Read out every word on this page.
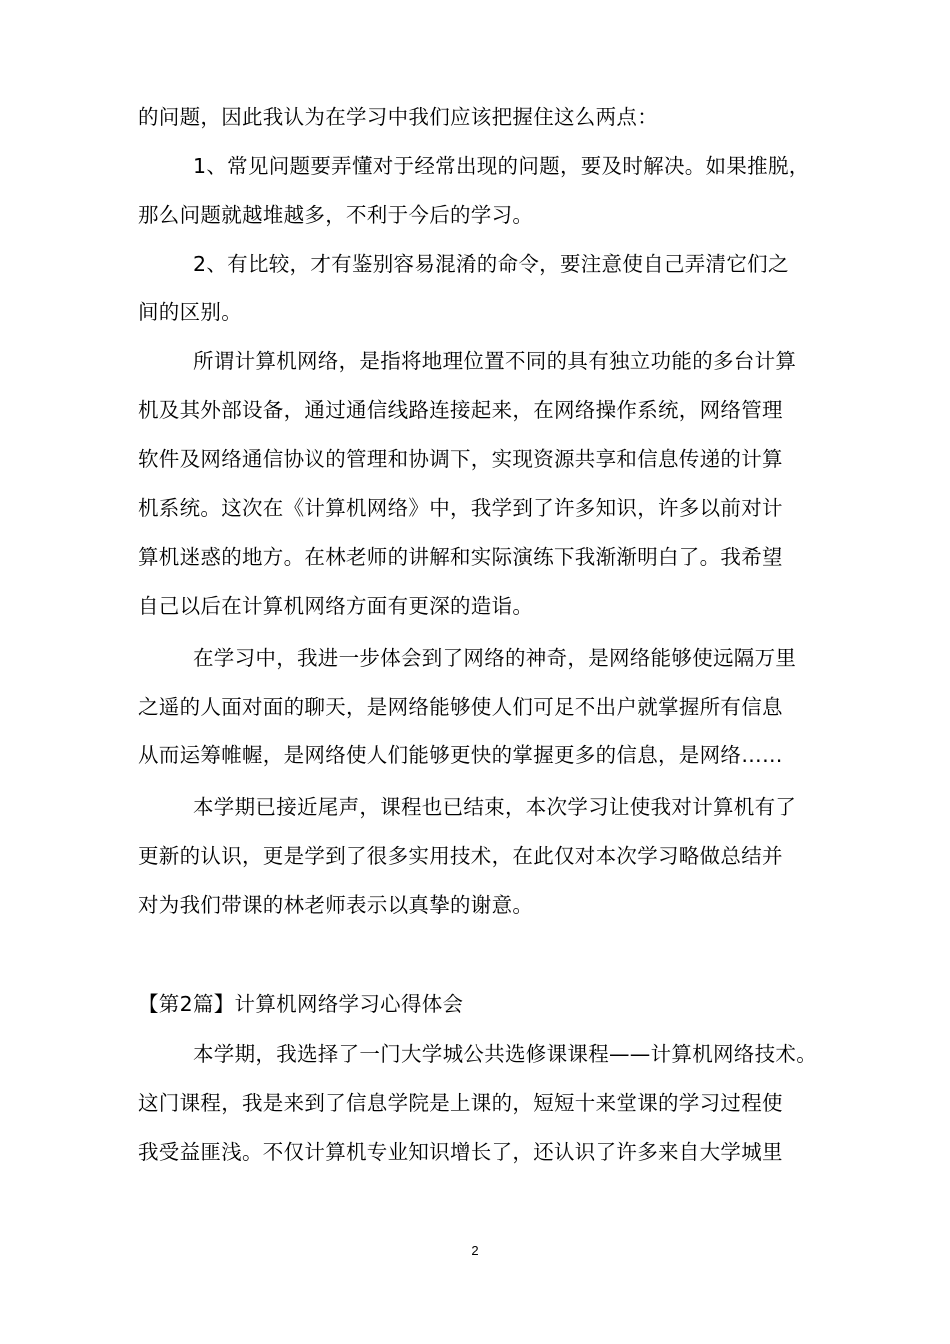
的问题，因此我认为在学习中我们应该把握住这么两点：
1、常见问题要弄懂对于经常出现的问题，要及时解决。如果推脱，
那么问题就越堆越多，不利于今后的学习。
2、有比较，才有鉴别容易混淆的命令，要注意使自己弄清它们之
间的区别。
所谓计算机网络，是指将地理位置不同的具有独立功能的多台计算
机及其外部设备，通过通信线路连接起来，在网络操作系统，网络管理
软件及网络通信协议的管理和协调下，实现资源共享和信息传递的计算
机系统。这次在《计算机网络》中，我学到了许多知识，许多以前对计
算机迷惑的地方。在林老师的讲解和实际演练下我渐渐明白了。我希望
自己以后在计算机网络方面有更深的造诣。
在学习中，我进一步体会到了网络的神奇，是网络能够使远隔万里
之遥的人面对面的聊天，是网络能够使人们可足不出户就掌握所有信息
从而运筹帷幄，是网络使人们能够更快的掌握更多的信息，是网络……
本学期已接近尾声，课程也已结束，本次学习让使我对计算机有了
更新的认识，更是学到了很多实用技术，在此仅对本次学习略做总结并
对为我们带课的林老师表示以真挚的谢意。
【第2篇】计算机网络学习心得体会
本学期，我选择了一门大学城公共选修课课程——计算机网络技术。
这门课程，我是来到了信息学院是上课的，短短十来堂课的学习过程使
我受益匪浅。不仅计算机专业知识增长了，还认识了许多来自大学城里
2
